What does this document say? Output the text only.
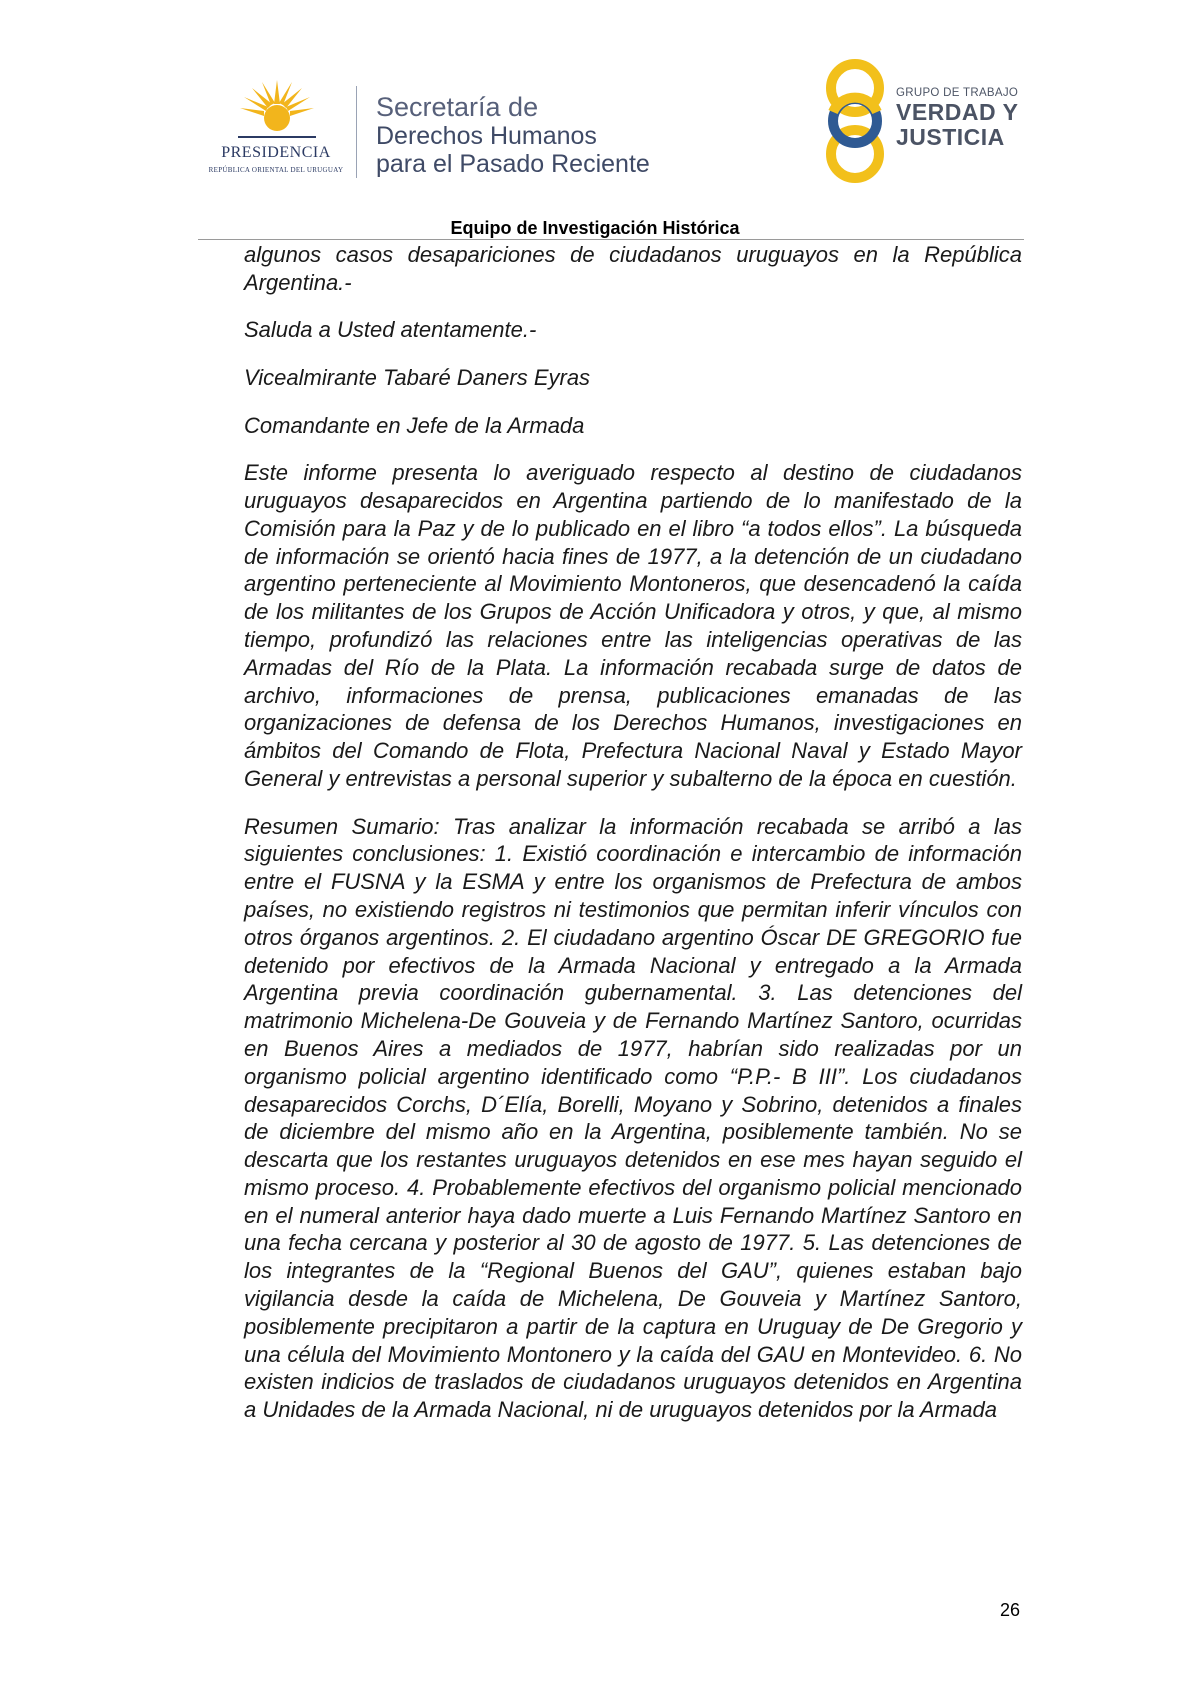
PRESIDENCIA
REPÚBLICA ORIENTAL DEL URUGUAY
Secretaría de
Derechos Humanos
para el Pasado Reciente
GRUPO DE TRABAJO
VERDAD Y
JUSTICIA
Equipo de Investigación Histórica

algunos casos desapariciones de ciudadanos uruguayos en la República Argentina.-

Saluda a Usted atentamente.-

Vicealmirante Tabaré Daners Eyras

Comandante en Jefe de la Armada

Este informe presenta lo averiguado respecto al destino de ciudadanos uruguayos desaparecidos en Argentina partiendo de lo manifestado de la Comisión para la Paz y de lo publicado en el libro “a todos ellos”. La búsqueda de información se orientó hacia fines de 1977, a la detención de un ciudadano argentino perteneciente al Movimiento Montoneros, que desencadenó la caída de los militantes de los Grupos de Acción Unificadora y otros, y que, al mismo tiempo, profundizó las relaciones entre las inteligencias operativas de las Armadas del Río de la Plata. La información recabada surge de datos de archivo, informaciones de prensa, publicaciones emanadas de las organizaciones de defensa de los Derechos Humanos, investigaciones en ámbitos del Comando de Flota, Prefectura Nacional Naval y Estado Mayor General y entrevistas a personal superior y subalterno de la época en cuestión.

Resumen Sumario: Tras analizar la información recabada se arribó a las siguientes conclusiones: 1. Existió coordinación e intercambio de información entre el FUSNA y la ESMA y entre los organismos de Prefectura de ambos países, no existiendo registros ni testimonios que permitan inferir vínculos con otros órganos argentinos. 2. El ciudadano argentino Óscar DE GREGORIO fue detenido por efectivos de la Armada Nacional y entregado a la Armada Argentina previa coordinación gubernamental. 3. Las detenciones del matrimonio Michelena-De Gouveia y de Fernando Martínez Santoro, ocurridas en Buenos Aires a mediados de 1977, habrían sido realizadas por un organismo policial argentino identificado como “P.P.- B III”. Los ciudadanos desaparecidos Corchs, D´Elía, Borelli, Moyano y Sobrino, detenidos a finales de diciembre del mismo año en la Argentina, posiblemente también. No se descarta que los restantes uruguayos detenidos en ese mes hayan seguido el mismo proceso. 4. Probablemente efectivos del organismo policial mencionado en el numeral anterior haya dado muerte a Luis Fernando Martínez Santoro en una fecha cercana y posterior al 30 de agosto de 1977. 5. Las detenciones de los integrantes de la “Regional Buenos del GAU”, quienes estaban bajo vigilancia desde la caída de Michelena, De Gouveia y Martínez Santoro, posiblemente precipitaron a partir de la captura en Uruguay de De Gregorio y una célula del Movimiento Montonero y la caída del GAU en Montevideo. 6. No existen indicios de traslados de ciudadanos uruguayos detenidos en Argentina a Unidades de la Armada Nacional, ni de uruguayos detenidos por la Armada

26
